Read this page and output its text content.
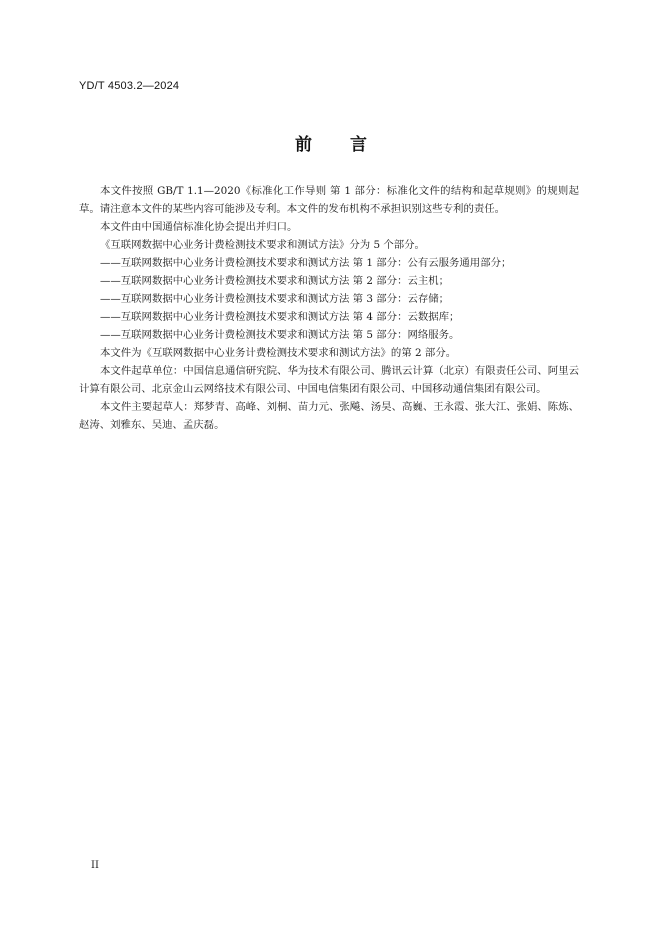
YD/T 4503.2—2024
前 言

本文件按照 GB/T 1.1—2020《标准化工作导则 第 1 部分：标准化文件的结构和起草规则》的规则起草。请注意本文件的某些内容可能涉及专利。本文件的发布机构不承担识别这些专利的责任。

本文件由中国通信标准化协会提出并归口。

《互联网数据中心业务计费检测技术要求和测试方法》分为 5 个部分。

——互联网数据中心业务计费检测技术要求和测试方法 第 1 部分：公有云服务通用部分；

——互联网数据中心业务计费检测技术要求和测试方法 第 2 部分：云主机；

——互联网数据中心业务计费检测技术要求和测试方法 第 3 部分：云存储；

——互联网数据中心业务计费检测技术要求和测试方法 第 4 部分：云数据库；

——互联网数据中心业务计费检测技术要求和测试方法 第 5 部分：网络服务。

本文件为《互联网数据中心业务计费检测技术要求和测试方法》的第 2 部分。

本文件起草单位：中国信息通信研究院、华为技术有限公司、腾讯云计算（北京）有限责任公司、阿里云计算有限公司、北京金山云网络技术有限公司、中国电信集团有限公司、中国移动通信集团有限公司。

本文件主要起草人：郑梦青、高峰、刘桐、苗力元、张飚、汤昊、高巍、王永霞、张大江、张娟、陈炼、赵涛、刘雅东、吴迪、孟庆磊。

II
